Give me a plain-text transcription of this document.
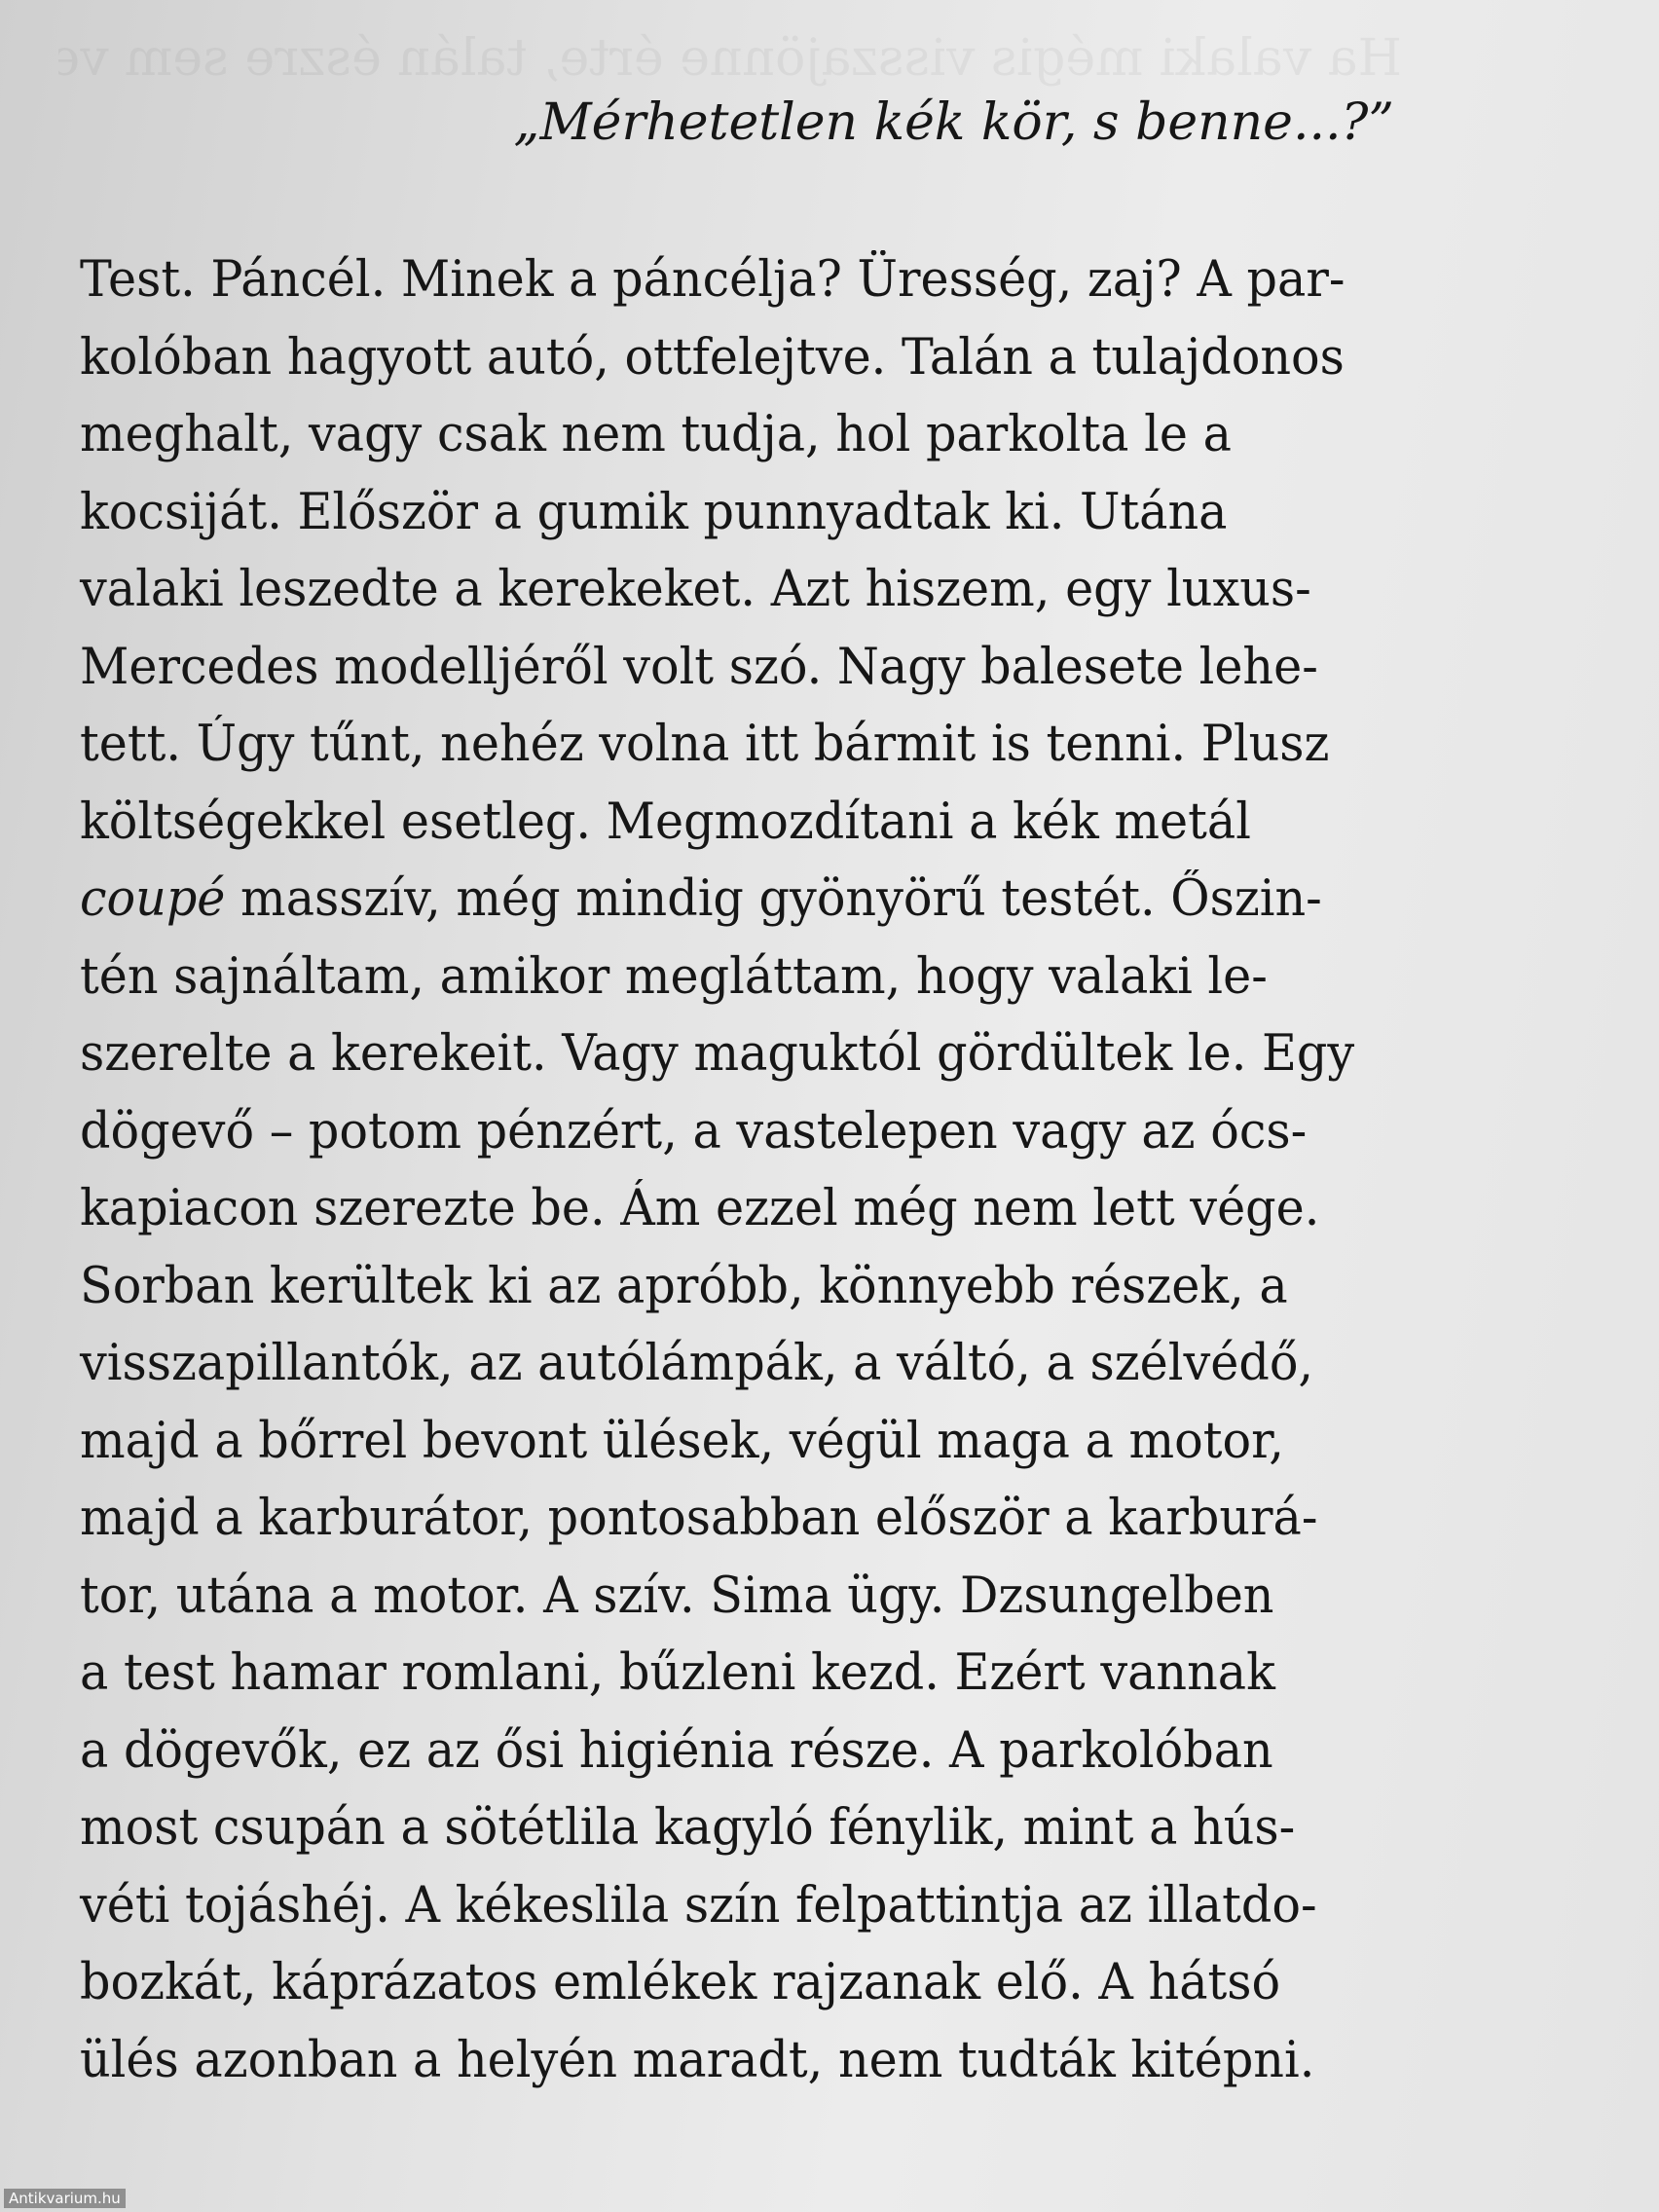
„Mérhetetlen kék kör, s benne...?”
Test. Páncél. Minek a páncélja? Üresség, zaj? A par-
kolóban hagyott autó, ottfelejtve. Talán a tulajdonos
meghalt, vagy csak nem tudja, hol parkolta le a
kocsiját. Először a gumik punnyadtak ki. Utána
valaki leszedte a kerekeket. Azt hiszem, egy luxus-
Mercedes modelljéről volt szó. Nagy balesete lehe-
tett. Úgy tűnt, nehéz volna itt bármit is tenni. Plusz
költségekkel esetleg. Megmozdítani a kék metál
coupé masszív, még mindig gyönyörű testét. Őszin-
tén sajnáltam, amikor megláttam, hogy valaki le-
szerelte a kerekeit. Vagy maguktól gördültek le. Egy
dögevő – potom pénzért, a vastelepen vagy az ócs-
kapiacon szerezte be. Ám ezzel még nem lett vége.
Sorban kerültek ki az apróbb, könnyebb részek, a
visszapillantók, az autólámpák, a váltó, a szélvédő,
majd a bőrrel bevont ülések, végül maga a motor,
majd a karburátor, pontosabban először a karburá-
tor, utána a motor. A szív. Sima ügy. Dzsungelben
a test hamar romlani, bűzleni kezd. Ezért vannak
a dögevők, ez az ősi higiénia része. A parkolóban
most csupán a sötétlila kagyló fénylik, mint a hús-
véti tojáshéj. A kékeslila szín felpattintja az illatdo-
bozkát, káprázatos emlékek rajzanak elő. A hátsó
ülés azonban a helyén maradt, nem tudták kitépni.
Antikvarium.hu
